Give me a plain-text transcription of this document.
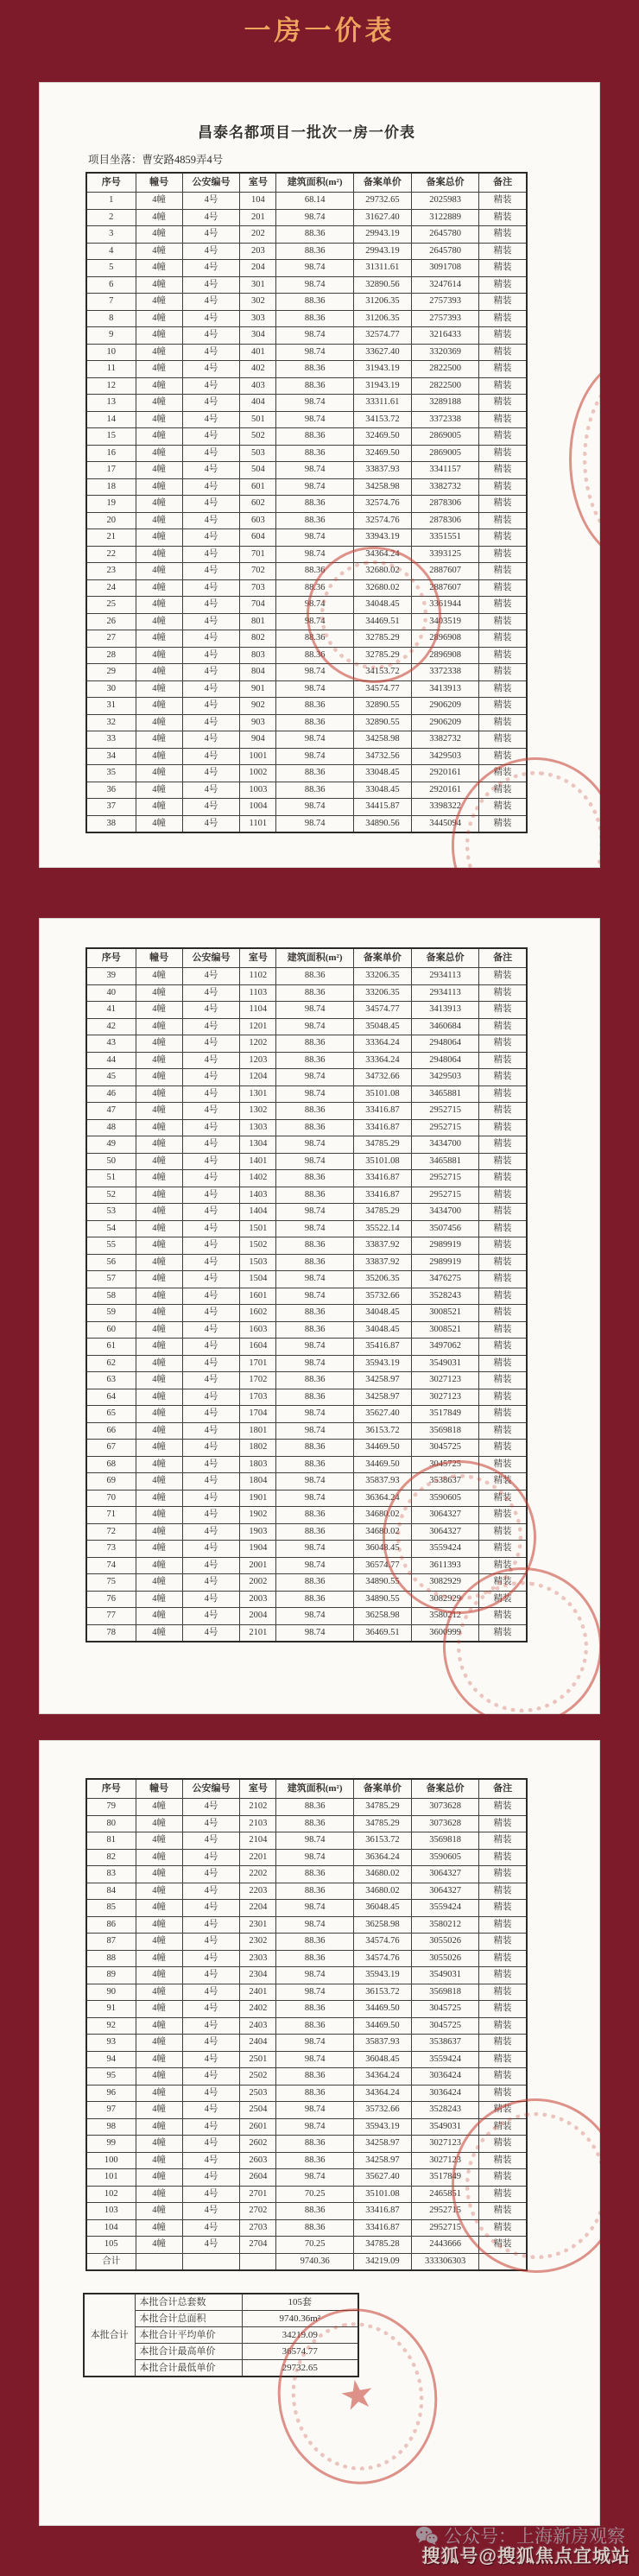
一房一价表
昌泰名都项目一批次一房一价表
项目坐落：曹安路4859弄4号
序号	幢号	公安编号	室号	建筑面积(m²)	备案单价	备案总价	备注
1	4幢	4号	104	68.14	29732.65	2025983	精装
2	4幢	4号	201	98.74	31627.40	3122889	精装
3	4幢	4号	202	88.36	29943.19	2645780	精装
4	4幢	4号	203	88.36	29943.19	2645780	精装
5	4幢	4号	204	98.74	31311.61	3091708	精装
6	4幢	4号	301	98.74	32890.56	3247614	精装
7	4幢	4号	302	88.36	31206.35	2757393	精装
8	4幢	4号	303	88.36	31206.35	2757393	精装
9	4幢	4号	304	98.74	32574.77	3216433	精装
10	4幢	4号	401	98.74	33627.40	3320369	精装
11	4幢	4号	402	88.36	31943.19	2822500	精装
12	4幢	4号	403	88.36	31943.19	2822500	精装
13	4幢	4号	404	98.74	33311.61	3289188	精装
14	4幢	4号	501	98.74	34153.72	3372338	精装
15	4幢	4号	502	88.36	32469.50	2869005	精装
16	4幢	4号	503	88.36	32469.50	2869005	精装
17	4幢	4号	504	98.74	33837.93	3341157	精装
18	4幢	4号	601	98.74	34258.98	3382732	精装
19	4幢	4号	602	88.36	32574.76	2878306	精装
20	4幢	4号	603	88.36	32574.76	2878306	精装
21	4幢	4号	604	98.74	33943.19	3351551	精装
22	4幢	4号	701	98.74	34364.24	3393125	精装
23	4幢	4号	702	88.36	32680.02	2887607	精装
24	4幢	4号	703	88.36	32680.02	2887607	精装
25	4幢	4号	704	98.74	34048.45	3361944	精装
26	4幢	4号	801	98.74	34469.51	3403519	精装
27	4幢	4号	802	88.36	32785.29	2896908	精装
28	4幢	4号	803	88.36	32785.29	2896908	精装
29	4幢	4号	804	98.74	34153.72	3372338	精装
30	4幢	4号	901	98.74	34574.77	3413913	精装
31	4幢	4号	902	88.36	32890.55	2906209	精装
32	4幢	4号	903	88.36	32890.55	2906209	精装
33	4幢	4号	904	98.74	34258.98	3382732	精装
34	4幢	4号	1001	98.74	34732.56	3429503	精装
35	4幢	4号	1002	88.36	33048.45	2920161	精装
36	4幢	4号	1003	88.36	33048.45	2920161	精装
37	4幢	4号	1004	98.74	34415.87	3398322	精装
38	4幢	4号	1101	98.74	34890.56	3445094	精装
序号	幢号	公安编号	室号	建筑面积(m²)	备案单价	备案总价	备注
39	4幢	4号	1102	88.36	33206.35	2934113	精装
40	4幢	4号	1103	88.36	33206.35	2934113	精装
41	4幢	4号	1104	98.74	34574.77	3413913	精装
42	4幢	4号	1201	98.74	35048.45	3460684	精装
43	4幢	4号	1202	88.36	33364.24	2948064	精装
44	4幢	4号	1203	88.36	33364.24	2948064	精装
45	4幢	4号	1204	98.74	34732.66	3429503	精装
46	4幢	4号	1301	98.74	35101.08	3465881	精装
47	4幢	4号	1302	88.36	33416.87	2952715	精装
48	4幢	4号	1303	88.36	33416.87	2952715	精装
49	4幢	4号	1304	98.74	34785.29	3434700	精装
50	4幢	4号	1401	98.74	35101.08	3465881	精装
51	4幢	4号	1402	88.36	33416.87	2952715	精装
52	4幢	4号	1403	88.36	33416.87	2952715	精装
53	4幢	4号	1404	98.74	34785.29	3434700	精装
54	4幢	4号	1501	98.74	35522.14	3507456	精装
55	4幢	4号	1502	88.36	33837.92	2989919	精装
56	4幢	4号	1503	88.36	33837.92	2989919	精装
57	4幢	4号	1504	98.74	35206.35	3476275	精装
58	4幢	4号	1601	98.74	35732.66	3528243	精装
59	4幢	4号	1602	88.36	34048.45	3008521	精装
60	4幢	4号	1603	88.36	34048.45	3008521	精装
61	4幢	4号	1604	98.74	35416.87	3497062	精装
62	4幢	4号	1701	98.74	35943.19	3549031	精装
63	4幢	4号	1702	88.36	34258.97	3027123	精装
64	4幢	4号	1703	88.36	34258.97	3027123	精装
65	4幢	4号	1704	98.74	35627.40	3517849	精装
66	4幢	4号	1801	98.74	36153.72	3569818	精装
67	4幢	4号	1802	88.36	34469.50	3045725	精装
68	4幢	4号	1803	88.36	34469.50	3045725	精装
69	4幢	4号	1804	98.74	35837.93	3538637	精装
70	4幢	4号	1901	98.74	36364.24	3590605	精装
71	4幢	4号	1902	88.36	34680.02	3064327	精装
72	4幢	4号	1903	88.36	34680.02	3064327	精装
73	4幢	4号	1904	98.74	36048.45	3559424	精装
74	4幢	4号	2001	98.74	36574.77	3611393	精装
75	4幢	4号	2002	88.36	34890.55	3082929	精装
76	4幢	4号	2003	88.36	34890.55	3082929	精装
77	4幢	4号	2004	98.74	36258.98	3580212	精装
78	4幢	4号	2101	98.74	36469.51	3600999	精装
序号	幢号	公安编号	室号	建筑面积(m²)	备案单价	备案总价	备注
79	4幢	4号	2102	88.36	34785.29	3073628	精装
80	4幢	4号	2103	88.36	34785.29	3073628	精装
81	4幢	4号	2104	98.74	36153.72	3569818	精装
82	4幢	4号	2201	98.74	36364.24	3590605	精装
83	4幢	4号	2202	88.36	34680.02	3064327	精装
84	4幢	4号	2203	88.36	34680.02	3064327	精装
85	4幢	4号	2204	98.74	36048.45	3559424	精装
86	4幢	4号	2301	98.74	36258.98	3580212	精装
87	4幢	4号	2302	88.36	34574.76	3055026	精装
88	4幢	4号	2303	88.36	34574.76	3055026	精装
89	4幢	4号	2304	98.74	35943.19	3549031	精装
90	4幢	4号	2401	98.74	36153.72	3569818	精装
91	4幢	4号	2402	88.36	34469.50	3045725	精装
92	4幢	4号	2403	88.36	34469.50	3045725	精装
93	4幢	4号	2404	98.74	35837.93	3538637	精装
94	4幢	4号	2501	98.74	36048.45	3559424	精装
95	4幢	4号	2502	88.36	34364.24	3036424	精装
96	4幢	4号	2503	88.36	34364.24	3036424	精装
97	4幢	4号	2504	98.74	35732.66	3528243	精装
98	4幢	4号	2601	98.74	35943.19	3549031	精装
99	4幢	4号	2602	88.36	34258.97	3027123	精装
100	4幢	4号	2603	88.36	34258.97	3027123	精装
101	4幢	4号	2604	98.74	35627.40	3517849	精装
102	4幢	4号	2701	70.25	35101.08	2465851	精装
103	4幢	4号	2702	88.36	33416.87	2952715	精装
104	4幢	4号	2703	88.36	33416.87	2952715	精装
105	4幢	4号	2704	70.25	34785.28	2443666	精装
合计				9740.36	34219.09	333306303	
本批合计	本批合计总套数	105套
	本批合计总面积	9740.36m²
	本批合计平均单价	34219.09
	本批合计最高单价	36574.77
	本批合计最低单价	29732.65
★
公众号：上海新房观察
搜狐号@搜狐焦点宜城站
